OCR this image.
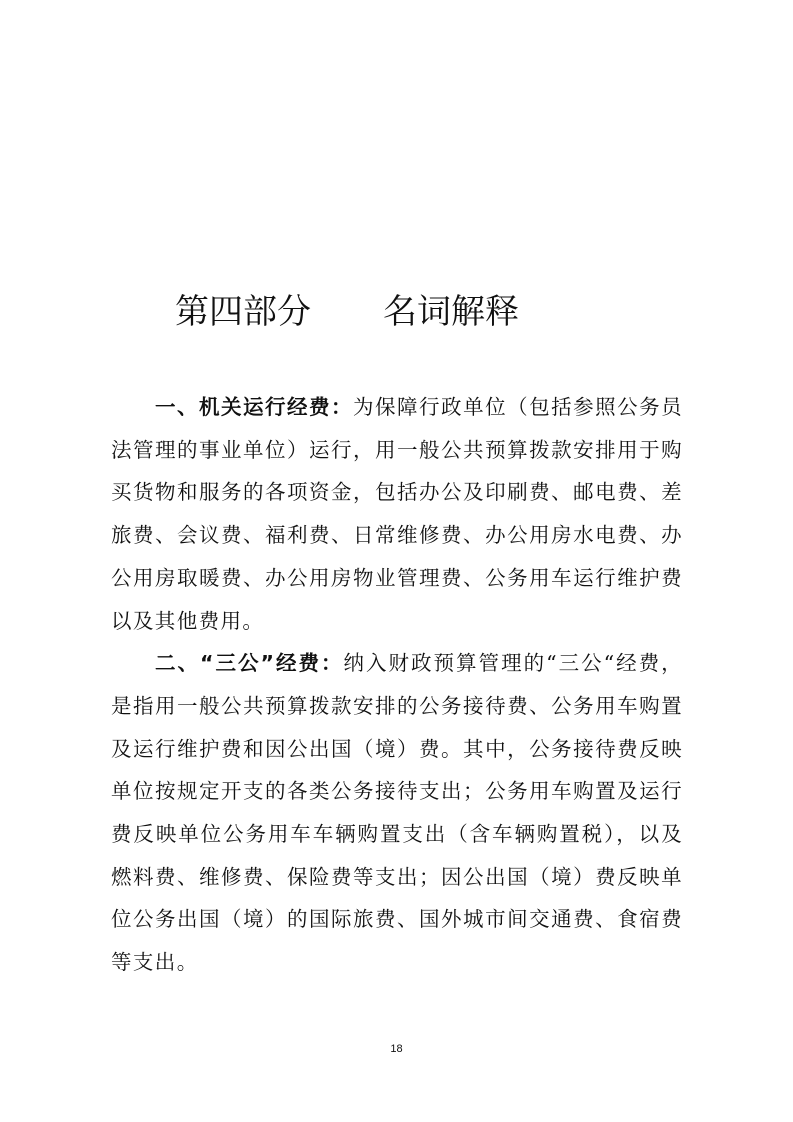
第四部分 名词解释

一、机关运行经费：为保障行政单位（包括参照公务员法管理的事业单位）运行，用一般公共预算拨款安排用于购买货物和服务的各项资金，包括办公及印刷费、邮电费、差旅费、会议费、福利费、日常维修费、办公用房水电费、办公用房取暖费、办公用房物业管理费、公务用车运行维护费以及其他费用。

二、“三公”经费：纳入财政预算管理的“三公“经费，是指用一般公共预算拨款安排的公务接待费、公务用车购置及运行维护费和因公出国（境）费。其中，公务接待费反映单位按规定开支的各类公务接待支出；公务用车购置及运行费反映单位公务用车车辆购置支出（含车辆购置税），以及燃料费、维修费、保险费等支出；因公出国（境）费反映单位公务出国（境）的国际旅费、国外城市间交通费、食宿费等支出。

18
